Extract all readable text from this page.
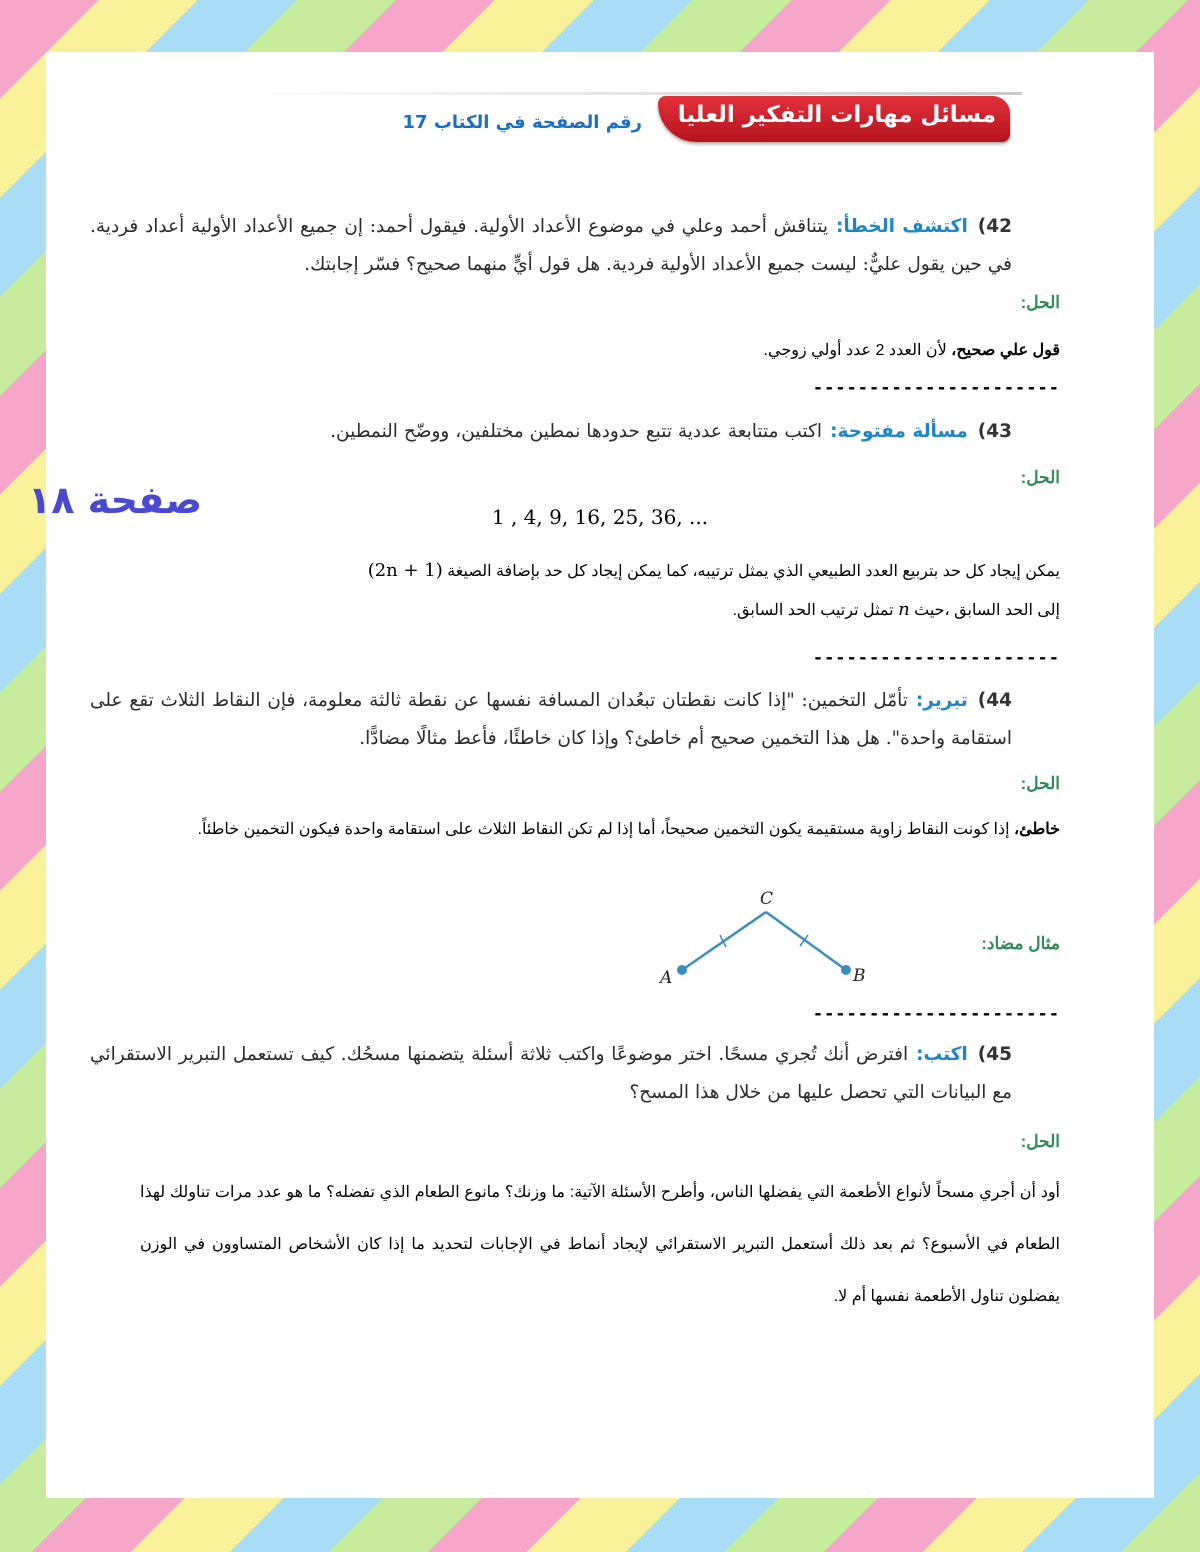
مسائل مهارات التفكير العليا
رقم الصفحة في الكتاب 17
42)اكتشف الخطأ:يتناقش أحمد وعلي في موضوع الأعداد الأولية. فيقول أحمد: إن جميع الأعداد الأولية أعداد فردية. في حين يقول عليٌّ: ليست جميع الأعداد الأولية فردية. هل قول أيٍّ منهما صحيح؟ فسّر إجابتك.
الحل:
قول علي صحيح، لأن العدد 2 عدد أولي زوجي.
----------------------
43)مسألة مفتوحة:اكتب متتابعة عددية تتبع حدودها نمطين مختلفين، ووضّح النمطين.
الحل:
صفحة ١٨	1 , 4, 9, 16, 25, 36, ...
يمكن إيجاد كل حد بتربيع العدد الطبيعي الذي يمثل ترتيبه، كما يمكن إيجاد كل حد بإضافة الصيغة (2n + 1)
إلى الحد السابق ،حيث n تمثل ترتيب الحد السابق.
----------------------
44)تبرير:تأمّل التخمين: "إذا كانت نقطتان تبعُدان المسافة نفسها عن نقطة ثالثة معلومة، فإن النقاط الثلاث تقع على استقامة واحدة". هل هذا التخمين صحيح أم خاطئ؟ وإذا كان خاطئًا، فأعط مثالًا مضادًّا.
الحل:
خاطئ، إذا كونت النقاط زاوية مستقيمة يكون التخمين صحيحاً، أما إذا لم تكن النقاط الثلاث على استقامة واحدة فيكون التخمين خاطئاً.
مثال مضاد:
A	B
C
----------------------
45)اكتب:افترض أنك تُجري مسحًا. اختر موضوعًا واكتب ثلاثة أسئلة يتضمنها مسحُك. كيف تستعمل التبرير الاستقرائي مع البيانات التي تحصل عليها من خلال هذا المسح؟
الحل:
أود أن أجري مسحاً لأنواع الأطعمة التي يفضلها الناس، وأطرح الأسئلة الآتية: ما وزنك؟ مانوع الطعام الذي تفضله؟ ما هو عدد مرات تناولك لهذا الطعام في الأسبوع؟ ثم بعد ذلك أستعمل التبرير الاستقرائي لإيجاد أنماط في الإجابات لتحديد ما إذا كان الأشخاص المتساوون في الوزن يفضلون تناول الأطعمة نفسها أم لا.
